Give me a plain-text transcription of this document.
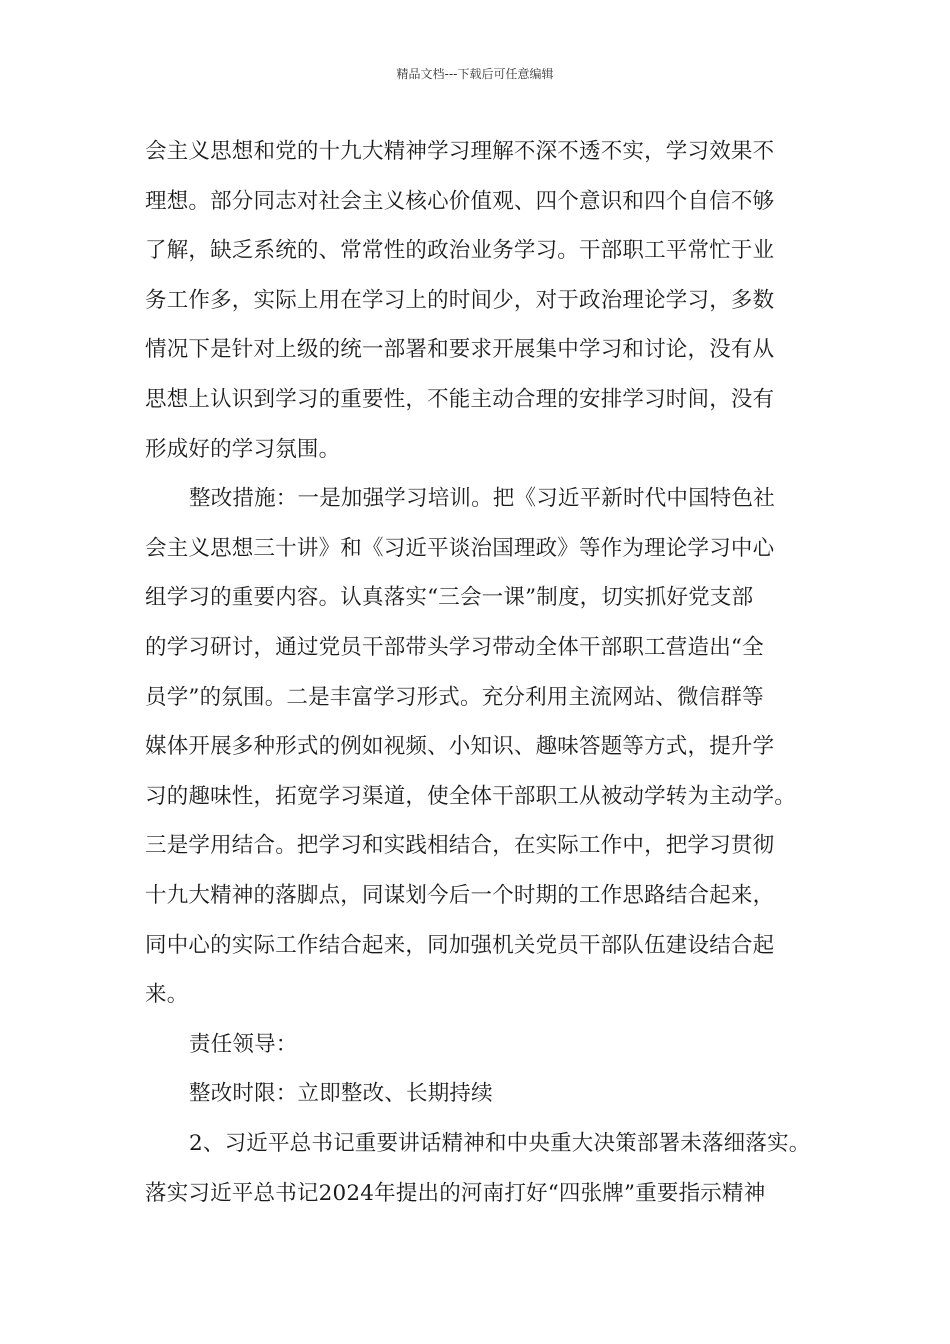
精品文档---下载后可任意编辑
会主义思想和党的十九大精神学习理解不深不透不实，学习效果不
理想。部分同志对社会主义核心价值观、四个意识和四个自信不够
了解，缺乏系统的、常常性的政治业务学习。干部职工平常忙于业
务工作多，实际上用在学习上的时间少，对于政治理论学习，多数
情况下是针对上级的统一部署和要求开展集中学习和讨论，没有从
思想上认识到学习的重要性，不能主动合理的安排学习时间，没有
形成好的学习氛围。
整改措施：一是加强学习培训。把《习近平新时代中国特色社
会主义思想三十讲》和《习近平谈治国理政》等作为理论学习中心
组学习的重要内容。认真落实“三会一课”制度，切实抓好党支部
的学习研讨，通过党员干部带头学习带动全体干部职工营造出“全
员学”的氛围。二是丰富学习形式。充分利用主流网站、微信群等
媒体开展多种形式的例如视频、小知识、趣味答题等方式，提升学
习的趣味性，拓宽学习渠道，使全体干部职工从被动学转为主动学。
三是学用结合。把学习和实践相结合，在实际工作中，把学习贯彻
十九大精神的落脚点，同谋划今后一个时期的工作思路结合起来，
同中心的实际工作结合起来，同加强机关党员干部队伍建设结合起
来。
责任领导：
整改时限：立即整改、长期持续
2、习近平总书记重要讲话精神和中央重大决策部署未落细落实。
落实习近平总书记2024年提出的河南打好“四张牌”重要指示精神
